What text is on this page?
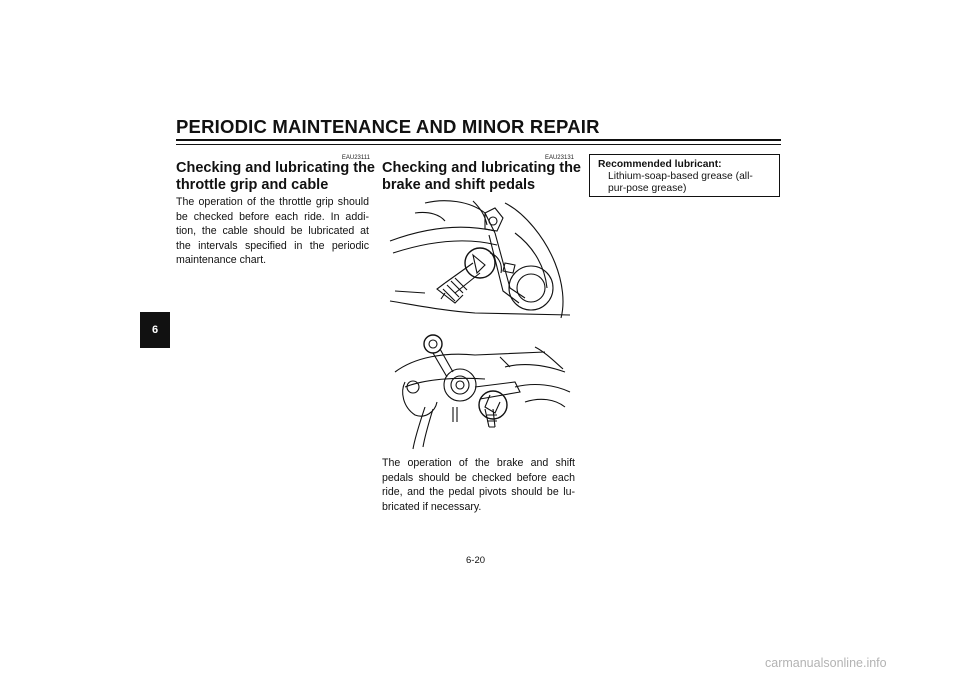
PERIODIC MAINTENANCE AND MINOR REPAIR
6
EAU23111
Checking and lubricating the
throttle grip and cable

The operation of the throttle grip should be checked before each ride. In addi-tion, the cable should be lubricated at the intervals specified in the periodic maintenance chart.

EAU23131
Checking and lubricating the
brake and shift pedals

The operation of the brake and shift pedals should be checked before each ride, and the pedal pivots should be lu-bricated if necessary.

Recommended lubricant:
Lithium-soap-based grease (all-pur-pose grease)
6-20
carmanualsonline.info
